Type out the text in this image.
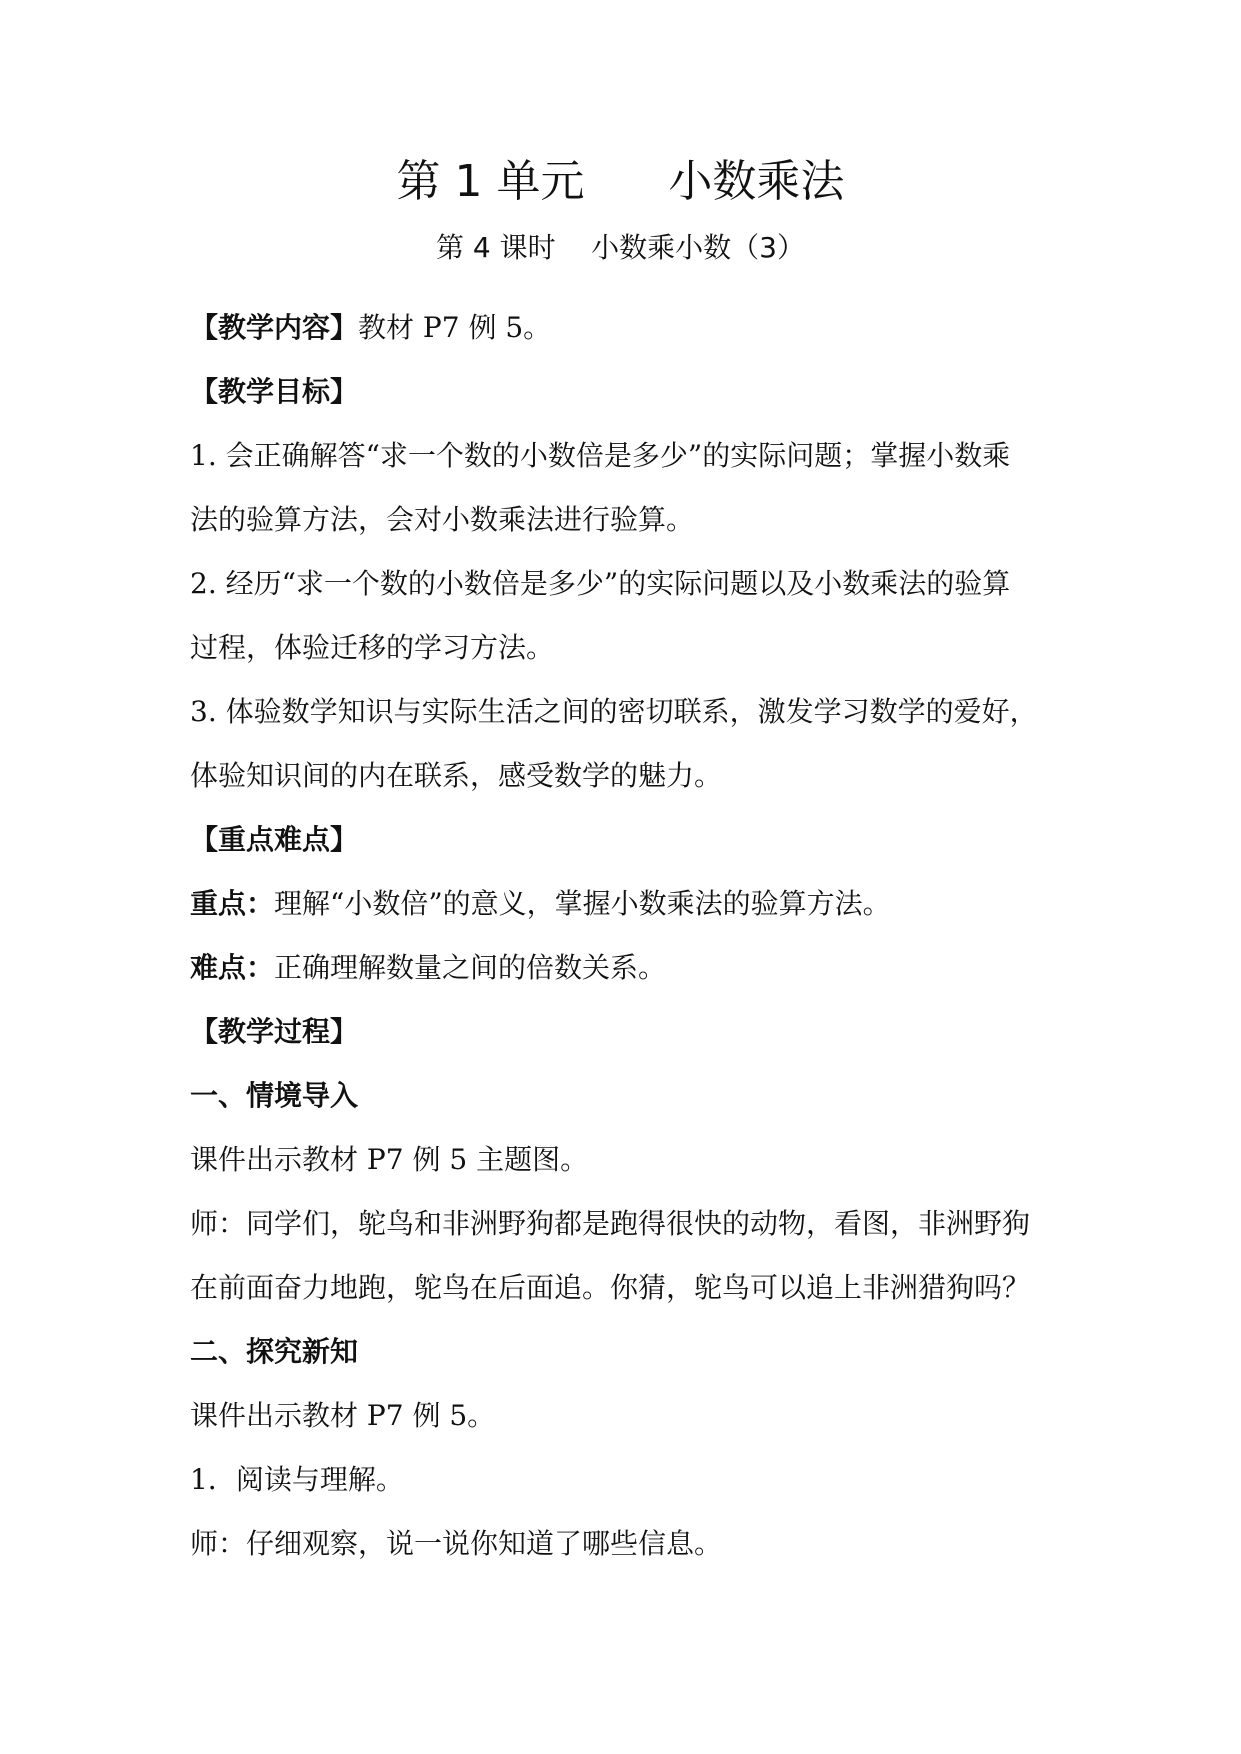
第 1 单元      小数乘法
第 4 课时    小数乘小数（3）
【教学内容】教材 P7 例 5。
【教学目标】
1. 会正确解答“求一个数的小数倍是多少”的实际问题；掌握小数乘
法的验算方法，会对小数乘法进行验算。
2. 经历“求一个数的小数倍是多少”的实际问题以及小数乘法的验算
过程，体验迁移的学习方法。
3. 体验数学知识与实际生活之间的密切联系，激发学习数学的爱好，
体验知识间的内在联系，感受数学的魅力。
【重点难点】
重点：理解“小数倍”的意义，掌握小数乘法的验算方法。
难点：正确理解数量之间的倍数关系。
【教学过程】
一、情境导入
课件出示教材 P7 例 5 主题图。
师：同学们，鸵鸟和非洲野狗都是跑得很快的动物，看图，非洲野狗
在前面奋力地跑，鸵鸟在后面追。你猜，鸵鸟可以追上非洲猎狗吗？
二、探究新知
课件出示教材 P7 例 5。
1．阅读与理解。
师：仔细观察，说一说你知道了哪些信息。
